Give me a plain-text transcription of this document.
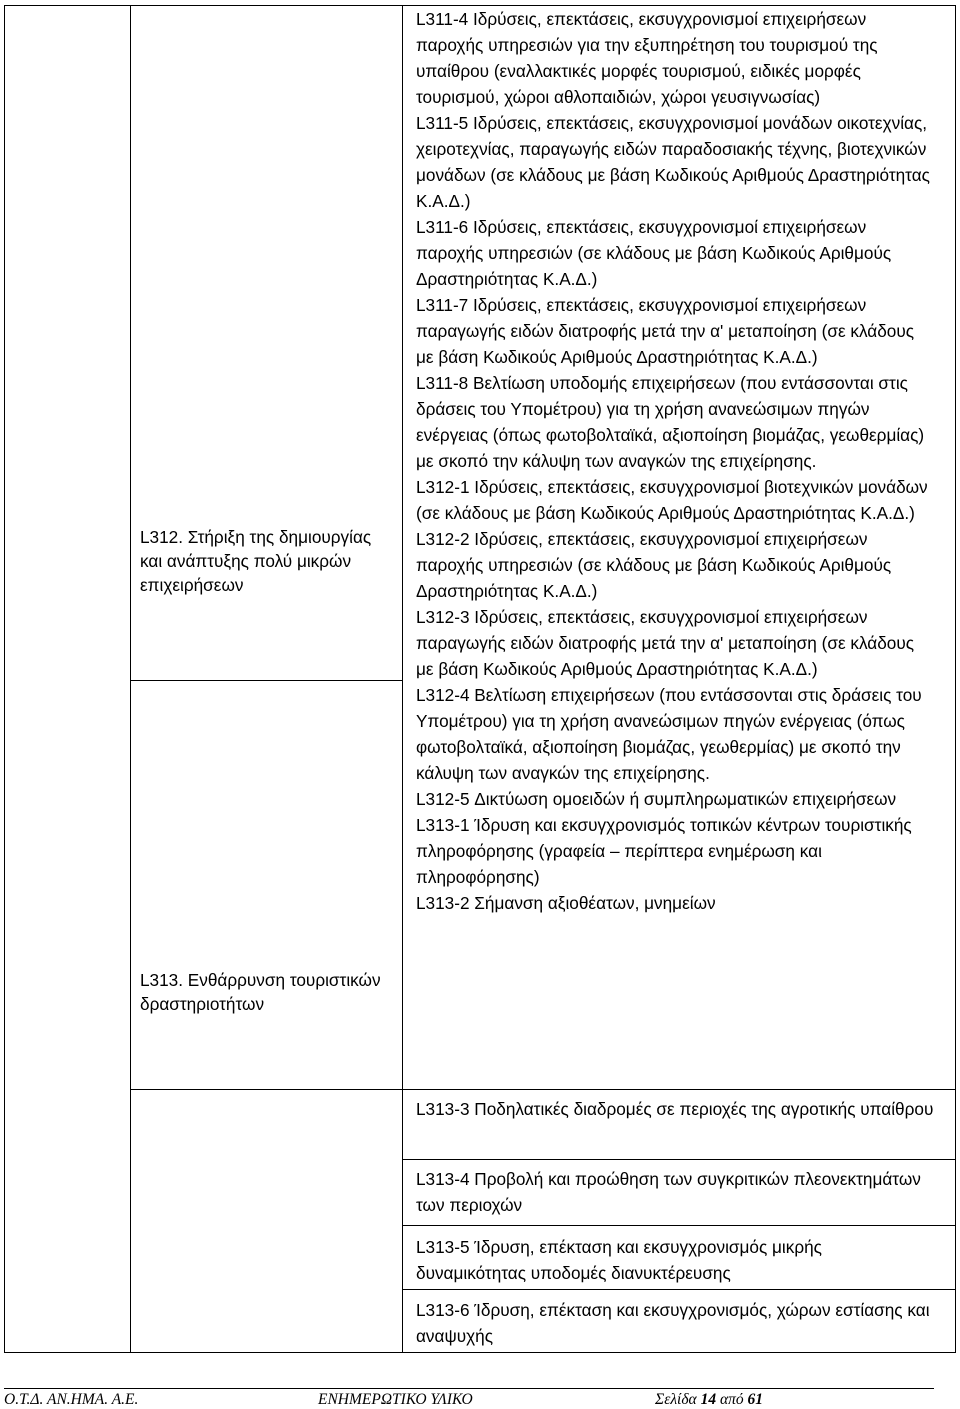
L312. Στήριξη της δημιουργίας και ανάπτυξης πολύ μικρών επιχειρήσεων
L313. Ενθάρρυνση τουριστικών δραστηριοτήτων
L311-4 Ιδρύσεις, επεκτάσεις, εκσυγχρονισμοί επιχειρήσεων παροχής υπηρεσιών για την εξυπηρέτηση του τουρισμού της υπαίθρου (εναλλακτικές μορφές τουρισμού, ειδικές μορφές τουρισμού, χώροι αθλοπαιδιών, χώροι γευσιγνωσίας)
L311-5 Ιδρύσεις, επεκτάσεις, εκσυγχρονισμοί μονάδων οικοτεχνίας, χειροτεχνίας, παραγωγής ειδών παραδοσιακής τέχνης, βιοτεχνικών μονάδων (σε κλάδους με βάση Κωδικούς Αριθμούς Δραστηριότητας Κ.Α.Δ.)
L311-6 Ιδρύσεις, επεκτάσεις, εκσυγχρονισμοί επιχειρήσεων παροχής υπηρεσιών (σε κλάδους με βάση Κωδικούς Αριθμούς Δραστηριότητας Κ.Α.Δ.)
L311-7 Ιδρύσεις, επεκτάσεις, εκσυγχρονισμοί επιχειρήσεων παραγωγής ειδών διατροφής μετά την α' μεταποίηση (σε κλάδους με βάση Κωδικούς Αριθμούς Δραστηριότητας Κ.Α.Δ.)
L311-8 Βελτίωση υποδομής επιχειρήσεων (που εντάσσονται στις δράσεις του Υπομέτρου) για τη χρήση ανανεώσιμων πηγών ενέργειας (όπως φωτοβολταϊκά, αξιοποίηση βιομάζας, γεωθερμίας) με σκοπό την κάλυψη των αναγκών της επιχείρησης.
L312-1 Ιδρύσεις, επεκτάσεις, εκσυγχρονισμοί βιοτεχνικών μονάδων (σε κλάδους με βάση Κωδικούς Αριθμούς Δραστηριότητας Κ.Α.Δ.)
L312-2 Ιδρύσεις, επεκτάσεις, εκσυγχρονισμοί επιχειρήσεων παροχής υπηρεσιών (σε κλάδους με βάση Κωδικούς Αριθμούς Δραστηριότητας Κ.Α.Δ.)
L312-3 Ιδρύσεις, επεκτάσεις, εκσυγχρονισμοί επιχειρήσεων παραγωγής ειδών διατροφής μετά την α' μεταποίηση (σε κλάδους με βάση Κωδικούς Αριθμούς Δραστηριότητας Κ.Α.Δ.)
L312-4 Βελτίωση επιχειρήσεων (που εντάσσονται στις δράσεις του Υπομέτρου) για τη χρήση ανανεώσιμων πηγών ενέργειας (όπως φωτοβολταϊκά, αξιοποίηση βιομάζας, γεωθερμίας) με σκοπό την κάλυψη των αναγκών της επιχείρησης.
L312-5 Δικτύωση ομοειδών ή συμπληρωματικών επιχειρήσεων
L313-1 Ίδρυση και εκσυγχρονισμός τοπικών κέντρων τουριστικής πληροφόρησης (γραφεία – περίπτερα ενημέρωση και πληροφόρησης)
L313-2 Σήμανση αξιοθέατων, μνημείων
L313-3 Ποδηλατικές διαδρομές σε περιοχές της αγροτικής υπαίθρου
L313-4 Προβολή και προώθηση των συγκριτικών πλεονεκτημάτων των περιοχών
L313-5 Ίδρυση, επέκταση και εκσυγχρονισμός μικρής δυναμικότητας υποδομές διανυκτέρευσης
L313-6 Ίδρυση, επέκταση και εκσυγχρονισμός, χώρων εστίασης και αναψυχής
Ο.Τ.Δ. ΑΝ.ΗΜΑ. Α.Ε.	ΕΝΗΜΕΡΩΤΙΚΟ ΥΛΙΚΟ	Σελίδα 14 από 61
